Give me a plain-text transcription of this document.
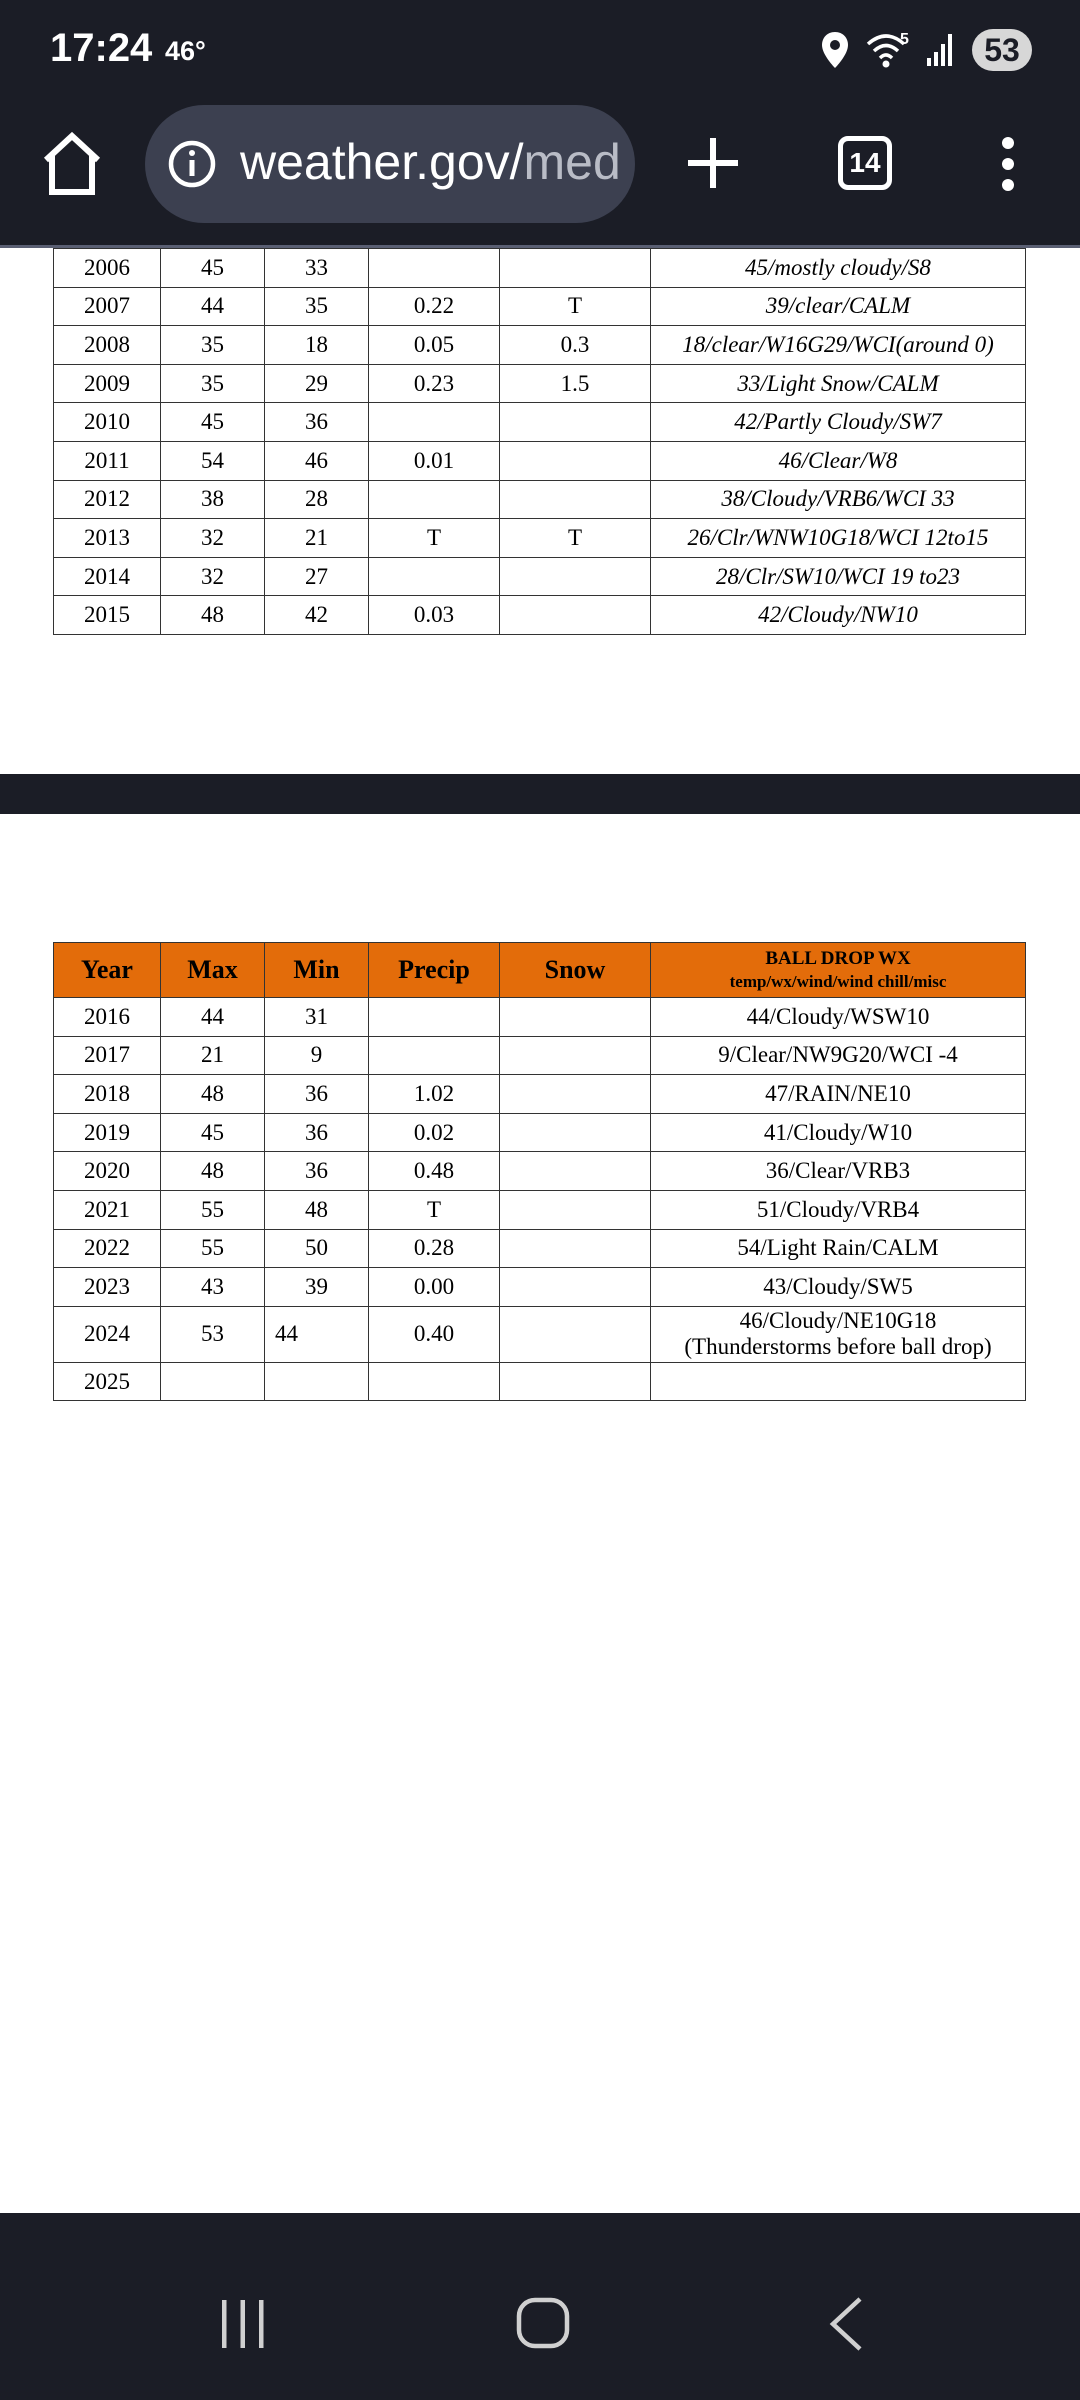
17:24 46°	5	53
weather.gov/med	14
2006	45	33			45/mostly cloudy/S8
2007	44	35	0.22	T	39/clear/CALM
2008	35	18	0.05	0.3	18/clear/W16G29/WCI(around 0)
2009	35	29	0.23	1.5	33/Light Snow/CALM
2010	45	36			42/Partly Cloudy/SW7
2011	54	46	0.01		46/Clear/W8
2012	38	28			38/Cloudy/VRB6/WCI 33
2013	32	21	T	T	26/Clr/WNW10G18/WCI 12to15
2014	32	27			28/Clr/SW10/WCI 19 to23
2015	48	42	0.03		42/Cloudy/NW10
Year	Max	Min	Precip	Snow	BALL DROP WX
temp/wx/wind/wind chill/misc

2016	44	31			44/Cloudy/WSW10
2017	21	9			9/Clear/NW9G20/WCI -4
2018	48	36	1.02		47/RAIN/NE10
2019	45	36	0.02		41/Cloudy/W10
2020	48	36	0.48		36/Clear/VRB3
2021	55	48	T		51/Cloudy/VRB4
2022	55	50	0.28		54/Light Rain/CALM
2023	43	39	0.00		43/Cloudy/SW5
2024	53	44	0.40		46/Cloudy/NE10G18
(Thunderstorms before ball drop)

2025					
